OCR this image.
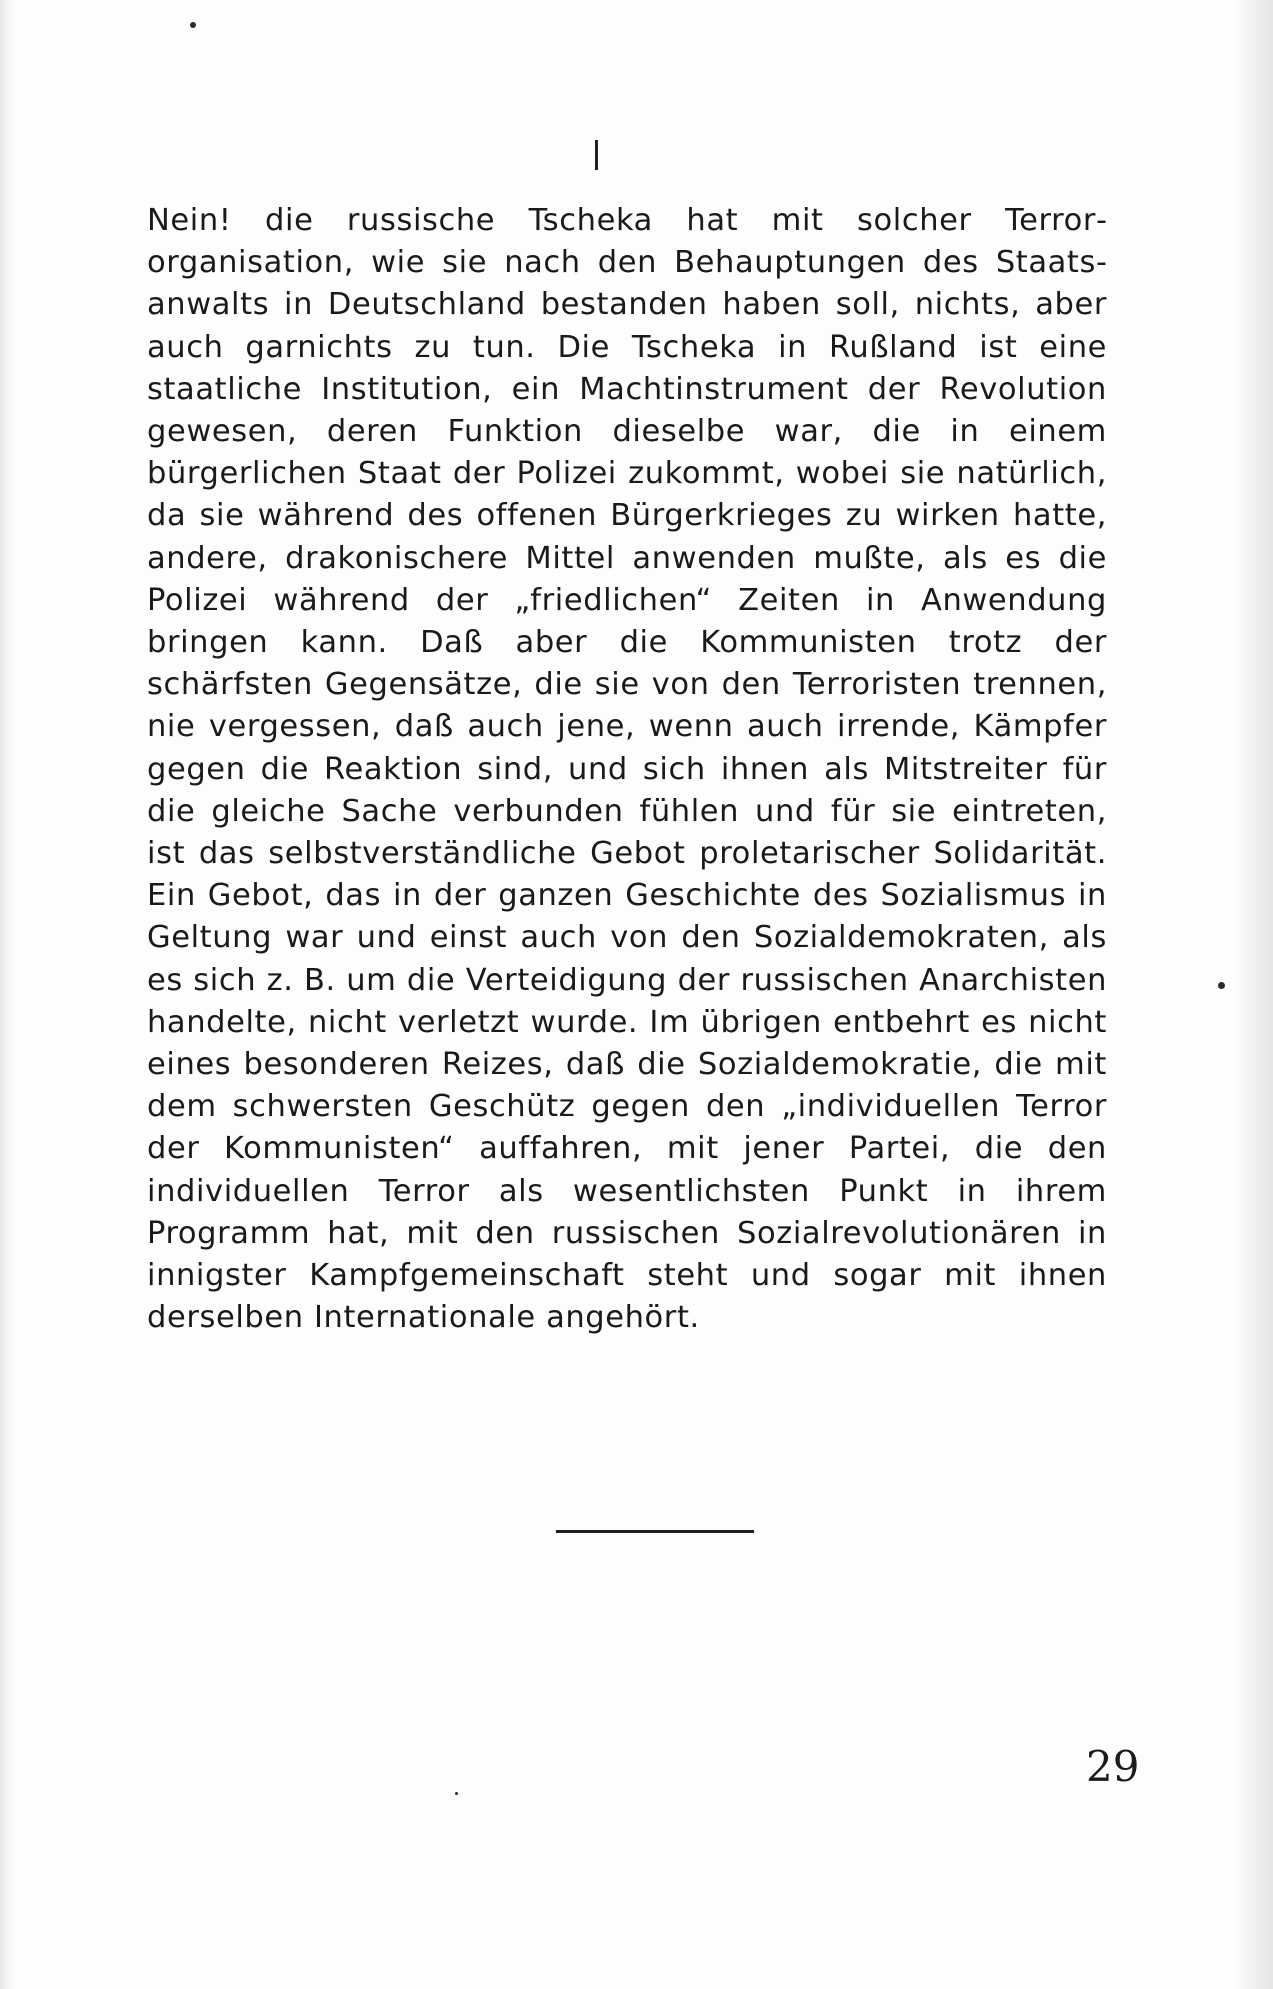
Nein! die russische Tscheka hat mit solcher Terrororganisation, wie sie nach den Behauptungen des Staatsanwalts in Deutschland bestanden haben soll, nichts, aber auch garnichts zu tun. Die Tscheka in Rußland ist eine staatliche Institution, ein Machtinstrument der Revolution gewesen, deren Funktion dieselbe war, die in einem bürgerlichen Staat der Polizei zukommt, wobei sie natürlich, da sie während des offenen Bürgerkrieges zu wirken hatte, andere, drakonischere Mittel anwenden mußte, als es die Polizei während der „friedlichen“ Zeiten in Anwendung bringen kann. Daß aber die Kommunisten trotz der schärfsten Gegensätze, die sie von den Terroristen trennen, nie vergessen, daß auch jene, wenn auch irrende, Kämpfer gegen die Reaktion sind, und sich ihnen als Mitstreiter für die gleiche Sache verbunden fühlen und für sie eintreten, ist das selbstverständliche Gebot proletarischer Solidarität. Ein Gebot, das in der ganzen Geschichte des Sozialismus in Geltung war und einst auch von den Sozialdemokraten, als es sich z. B. um die Verteidigung der russischen Anarchisten handelte, nicht verletzt wurde. Im übrigen entbehrt es nicht eines besonderen Reizes, daß die Sozialdemokratie, die mit dem schwersten Geschütz gegen den „individuellen Terror der Kommunisten“ auffahren, mit jener Partei, die den individuellen Terror als wesentlichsten Punkt in ihrem Programm hat, mit den russischen Sozialrevolutionären in innigster Kampfgemeinschaft steht und sogar mit ihnen derselben Internationale angehört.

29
